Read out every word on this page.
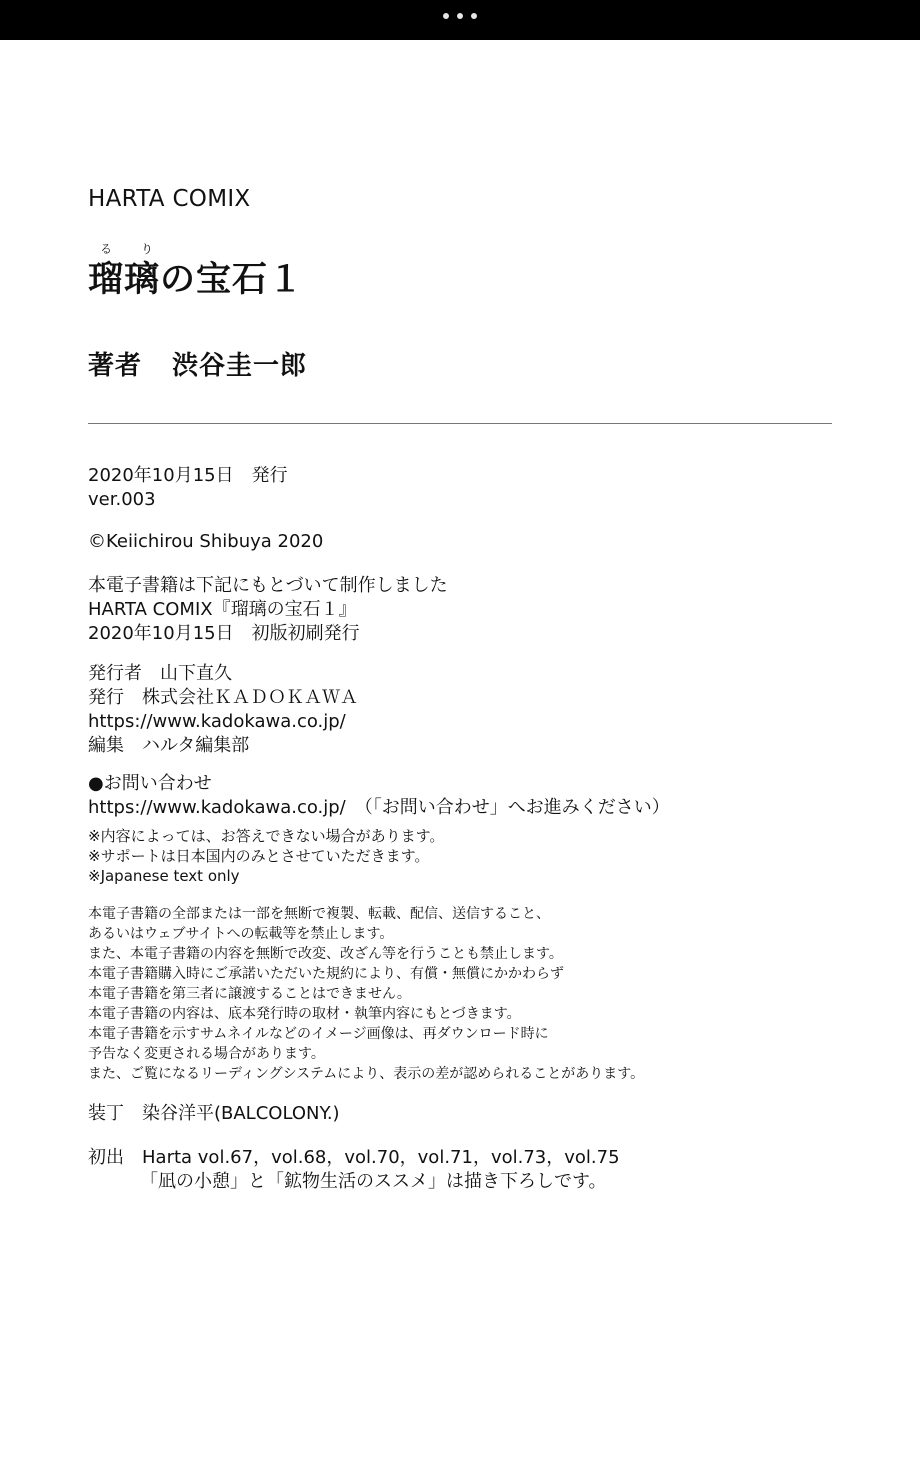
HARTA COMIX
る り
瑠璃の宝石１
著者 渋谷圭一郎
2020年10月15日 発行
ver.003
©Keiichirou Shibuya 2020
本電子書籍は下記にもとづいて制作しました
HARTA COMIX『瑠璃の宝石１』
2020年10月15日　初版初刷発行
発行者 山下直久
発行 株式会社ＫＡＤＯＫＡＷＡ
https://www.kadokawa.co.jp/
編集 ハルタ編集部
●お問い合わせ
https://www.kadokawa.co.jp/　（「お問い合わせ」へお進みください）
※内容によっては、お答えできない場合があります。
※サポートは日本国内のみとさせていただきます。
※Japanese text only
本電子書籍の全部または一部を無断で複製、転載、配信、送信すること、
あるいはウェブサイトへの転載等を禁止します。
また、本電子書籍の内容を無断で改変、改ざん等を行うことも禁止します。
本電子書籍購入時にご承諾いただいた規約により、有償・無償にかかわらず
本電子書籍を第三者に譲渡することはできません。
本電子書籍の内容は、底本発行時の取材・執筆内容にもとづきます。
本電子書籍を示すサムネイルなどのイメージ画像は、再ダウンロード時に
予告なく変更される場合があります。
また、ご覧になるリーディングシステムにより、表示の差が認められることがあります。
装丁 染谷洋平(BALCOLONY.)
初出 Harta vol.67，vol.68，vol.70，vol.71，vol.73，vol.75
「凪の小憩」と「鉱物生活のススメ」は描き下ろしです。
